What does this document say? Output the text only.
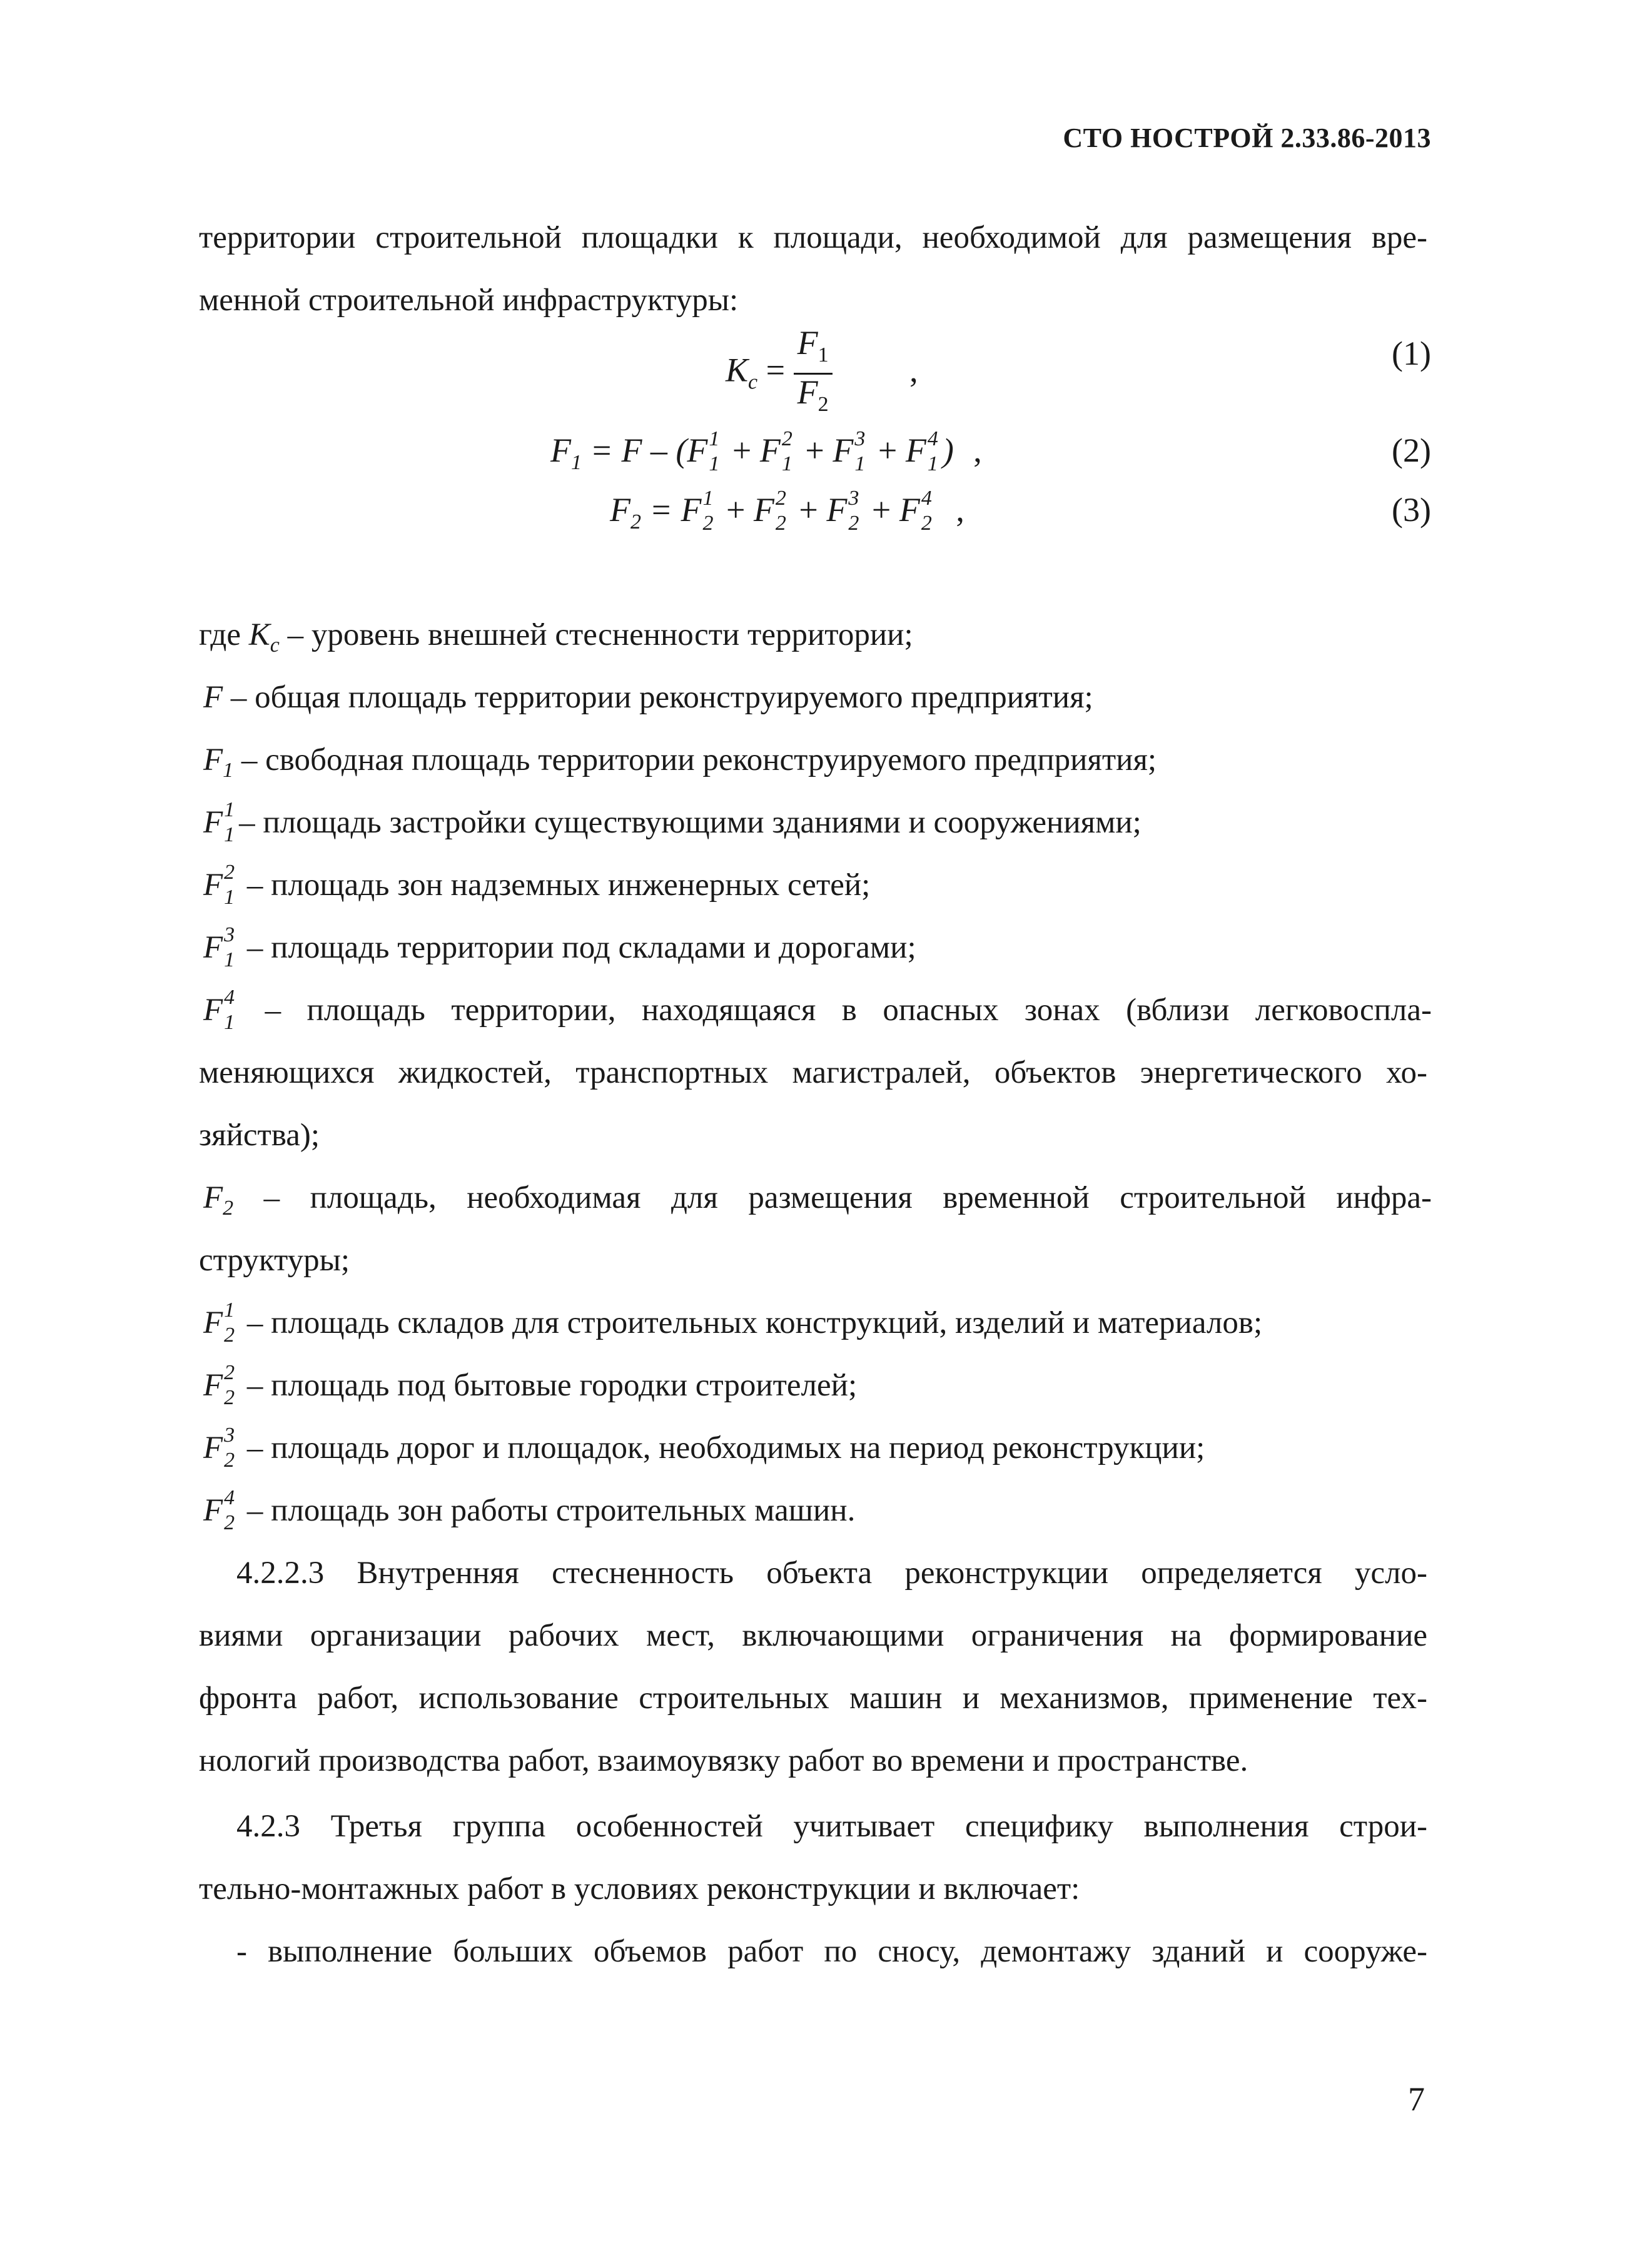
СТО НОСТРОЙ 2.33.86-2013
территории строительной площадки к площади, необходимой для размещения вре-
менной строительной инфраструктуры:
$K_c = \frac{F_1}{F_2}$ ,	(1)
$F_1 = F - (F$ 1
1 + F 2
1 + F 3
1 + F 4
1 ) ,	(2)
$F_2 = F$ 1
2 + F 2
2 + F 3
2 + F 4
2 ,	(3)
где $K_c$ – уровень внешней стесненности территории;
F – общая площадь территории реконструируемого предприятия;
$F_1$ – свободная площадь территории реконструируемого предприятия;
F 1
1 – площадь застройки существующими зданиями и сооружениями;
F 2
1 – площадь зон надземных инженерных сетей;
F 3
1 – площадь территории под складами и дорогами;
F 4
1 – площадь территории, находящаяся в опасных зонах (вблизи легковоспла-
меняющихся жидкостей, транспортных магистралей, объектов энергетического хо-
зяйства);
$F_2$ – площадь, необходимая для размещения временной строительной инфра-
структуры;
F 1
2 – площадь складов для строительных конструкций, изделий и материалов;
F 2
2 – площадь под бытовые городки строителей;
F 3
2 – площадь дорог и площадок, необходимых на период реконструкции;
F 4
2 – площадь зон работы строительных машин.
4.2.2.3 Внутренняя стесненность объекта реконструкции определяется усло-
виями организации рабочих мест, включающими ограничения на формирование
фронта работ, использование строительных машин и механизмов, применение тех-
нологий производства работ, взаимоувязку работ во времени и пространстве.
4.2.3 Третья группа особенностей учитывает специфику выполнения строи-
тельно-монтажных работ в условиях реконструкции и включает:
- выполнение больших объемов работ по сносу, демонтажу зданий и сооруже-
7
